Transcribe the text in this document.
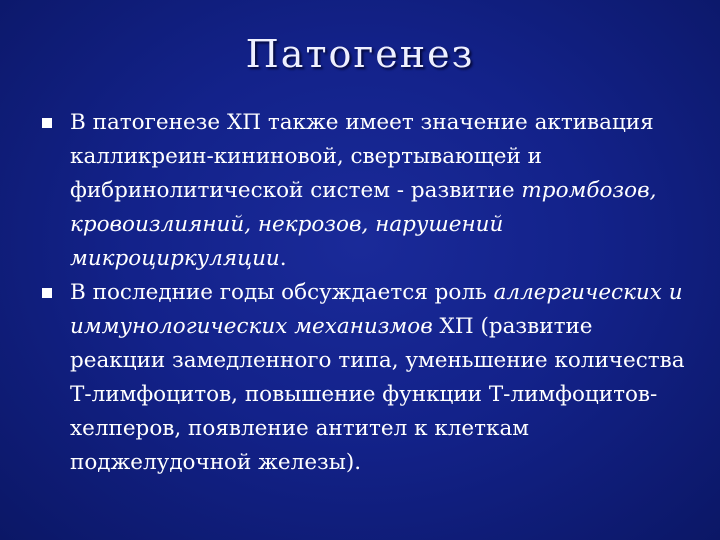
Патогенез
В патогенезе ХП также имеет значение активация калликреин-кининовой, свертывающей и фибринолитической систем - развитие тромбозов, кровоизлияний, некрозов, нарушений микроциркуляции.
В последние годы обсуждается роль аллергических и иммунологических механизмов ХП (развитие реакции замедленного типа, уменьшение количества Т-лимфоцитов, повышение функции Т-лимфоцитов-хелперов, появление антител к клеткам поджелудочной железы).
